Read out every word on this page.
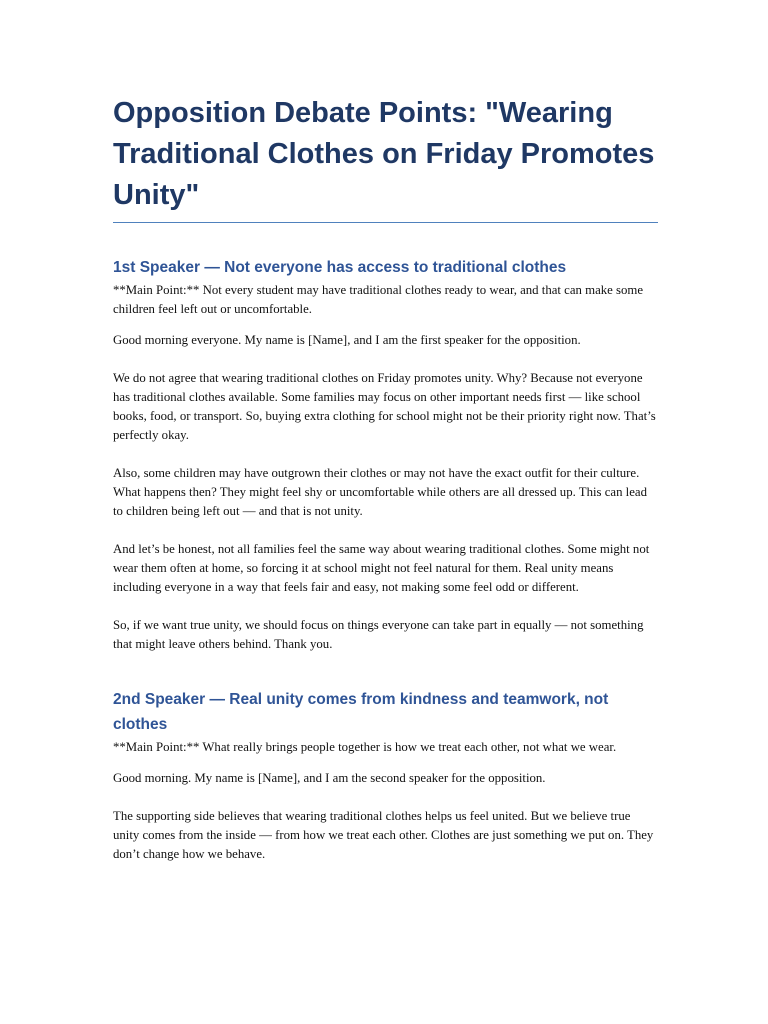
Opposition Debate Points: "Wearing Traditional Clothes on Friday Promotes Unity"
1st Speaker — Not everyone has access to traditional clothes

**Main Point:** Not every student may have traditional clothes ready to wear, and that can make some children feel left out or uncomfortable.

Good morning everyone. My name is [Name], and I am the first speaker for the opposition.

We do not agree that wearing traditional clothes on Friday promotes unity. Why? Because not everyone has traditional clothes available. Some families may focus on other important needs first — like school books, food, or transport. So, buying extra clothing for school might not be their priority right now. That’s perfectly okay.

Also, some children may have outgrown their clothes or may not have the exact outfit for their culture. What happens then? They might feel shy or uncomfortable while others are all dressed up. This can lead to children being left out — and that is not unity.

And let’s be honest, not all families feel the same way about wearing traditional clothes. Some might not wear them often at home, so forcing it at school might not feel natural for them. Real unity means including everyone in a way that feels fair and easy, not making some feel odd or different.

So, if we want true unity, we should focus on things everyone can take part in equally — not something that might leave others behind. Thank you.

2nd Speaker — Real unity comes from kindness and teamwork, not clothes

**Main Point:** What really brings people together is how we treat each other, not what we wear.

Good morning. My name is [Name], and I am the second speaker for the opposition.

The supporting side believes that wearing traditional clothes helps us feel united. But we believe true unity comes from the inside — from how we treat each other. Clothes are just something we put on. They don’t change how we behave.
